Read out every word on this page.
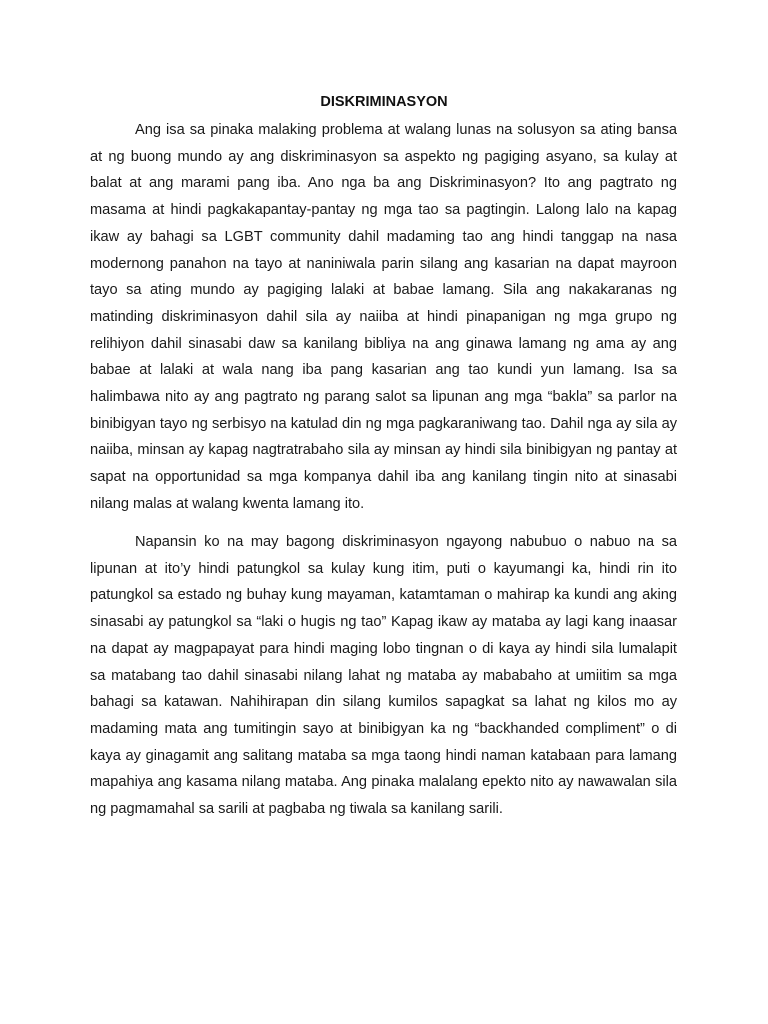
DISKRIMINASYON

Ang isa sa pinaka malaking problema at walang lunas na solusyon sa ating bansa at ng buong mundo ay ang diskriminasyon sa aspekto ng pagiging asyano, sa kulay at balat at ang marami pang iba. Ano nga ba ang Diskriminasyon? Ito ang pagtrato ng masama at hindi pagkakapantay-pantay ng mga tao sa pagtingin. Lalong lalo na kapag ikaw ay bahagi sa LGBT community dahil madaming tao ang hindi tanggap na nasa modernong panahon na tayo at naniniwala parin silang ang kasarian na dapat mayroon tayo sa ating mundo ay pagiging lalaki at babae lamang. Sila ang nakakaranas ng matinding diskriminasyon dahil sila ay naiiba at hindi pinapanigan ng mga grupo ng relihiyon dahil sinasabi daw sa kanilang bibliya na ang ginawa lamang ng ama ay ang babae at lalaki at wala nang iba pang kasarian ang tao kundi yun lamang. Isa sa halimbawa nito ay ang pagtrato ng parang salot sa lipunan ang mga “bakla” sa parlor na binibigyan tayo ng serbisyo na katulad din ng mga pagkaraniwang tao. Dahil nga ay sila ay naiiba, minsan ay kapag nagtratrabaho sila ay minsan ay hindi sila binibigyan ng pantay at sapat na opportunidad sa mga kompanya dahil iba ang kanilang tingin nito at sinasabi nilang malas at walang kwenta lamang ito.

Napansin ko na may bagong diskriminasyon ngayong nabubuo o nabuo na sa lipunan at ito’y hindi patungkol sa kulay kung itim, puti o kayumangi ka, hindi rin ito patungkol sa estado ng buhay kung mayaman, katamtaman o mahirap ka kundi ang aking sinasabi ay patungkol sa “laki o hugis ng tao” Kapag ikaw ay mataba ay lagi kang inaasar na dapat ay magpapayat para hindi maging lobo tingnan o di kaya ay hindi sila lumalapit sa matabang tao dahil sinasabi nilang lahat ng mataba ay mababaho at umiitim sa mga bahagi sa katawan. Nahihirapan din silang kumilos sapagkat sa lahat ng kilos mo ay madaming mata ang tumitingin sayo at binibigyan ka ng “backhanded compliment” o di kaya ay ginagamit ang salitang mataba sa mga taong hindi naman katabaan para lamang mapahiya ang kasama nilang mataba. Ang pinaka malalang epekto nito ay nawawalan sila ng pagmamahal sa sarili at pagbaba ng tiwala sa kanilang sarili.
